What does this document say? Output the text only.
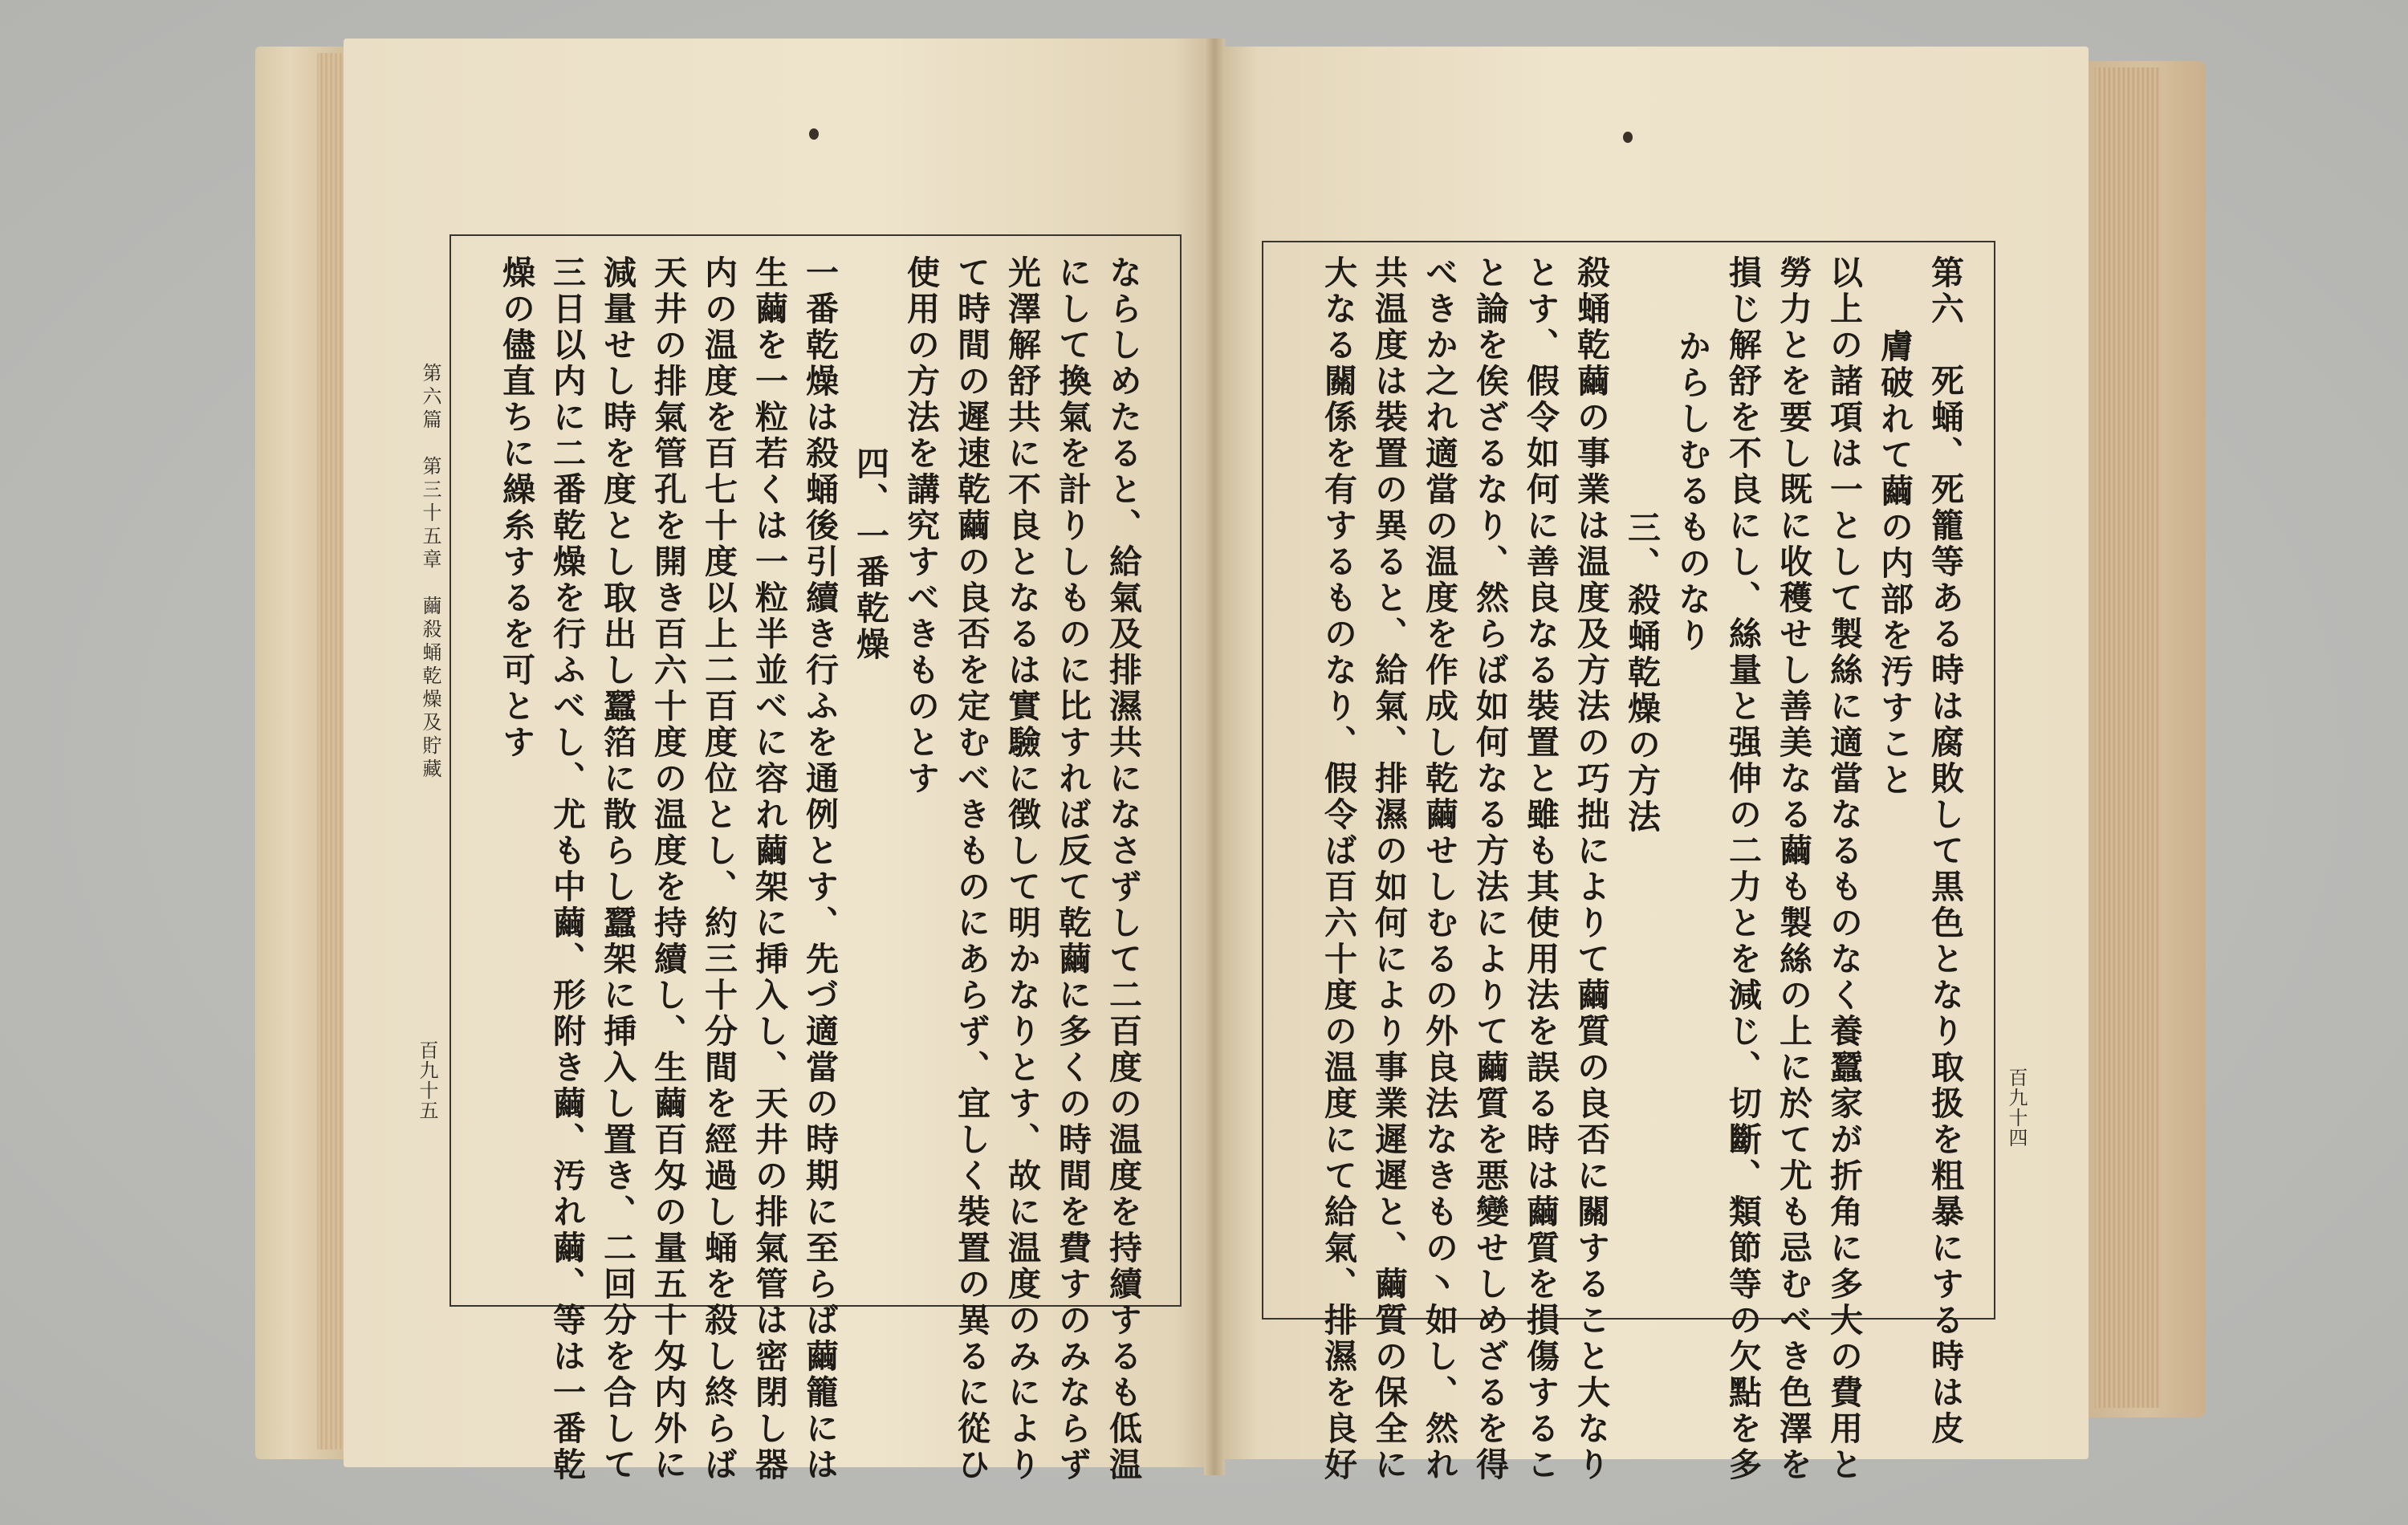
百九十五
第六篇　第三十五章　繭殺蛹乾燥及貯藏	ならしめたると、給氣及排濕共になさずして二百度の温度を持續するも低温
にして換氣を計りしものに比すれば反て乾繭に多くの時間を費すのみならず
光澤解舒共に不良となるは實驗に徴して明かなりとす、故に温度のみにより
て時間の遲速乾繭の良否を定むべきものにあらず、宜しく裝置の異るに從ひ
使用の方法を講究すべきものとす
四、一番乾燥
一番乾燥は殺蛹後引續き行ふを通例とす、先づ適當の時期に至らば繭籠には
生繭を一粒若くは一粒半並べに容れ繭架に挿入し、天井の排氣管は密閉し器
内の温度を百七十度以上二百度位とし、約三十分間を經過し蛹を殺し終らば
天井の排氣管孔を開き百六十度の温度を持續し、生繭百匁の量五十匁内外に
減量せし時を度とし取出し蠶箔に散らし蠶架に挿入し置き、二回分を合して
三日以内に二番乾燥を行ふべし、尤も中繭、形附き繭、汚れ繭、等は一番乾
燥の儘直ちに繰糸するを可とす
百九十四
第六　死蛹、死籠等ある時は腐敗して黒色となり取扱を粗暴にする時は皮
膚破れて繭の内部を汚すこと
以上の諸項は一として製絲に適當なるものなく養蠶家が折角に多大の費用と
勞力とを要し既に收穫せし善美なる繭も製絲の上に於て尤も忌むべき色澤を
損じ解舒を不良にし、絲量と强伸の二力とを減じ、切斷、類節等の欠點を多
からしむるものなり
三、殺蛹乾燥の方法
殺蛹乾繭の事業は温度及方法の巧拙によりて繭質の良否に關すること大なり
とす、假令如何に善良なる裝置と雖も其使用法を誤る時は繭質を損傷するこ
と論を俟ざるなり、然らば如何なる方法によりて繭質を悪變せしめざるを得
べきか之れ適當の温度を作成し乾繭せしむるの外良法なきもの丶如し、然れ
共温度は裝置の異ると、給氣、排濕の如何により事業遲遲と、繭質の保全に
大なる關係を有するものなり、假令ば百六十度の温度にて給氣、排濕を良好
